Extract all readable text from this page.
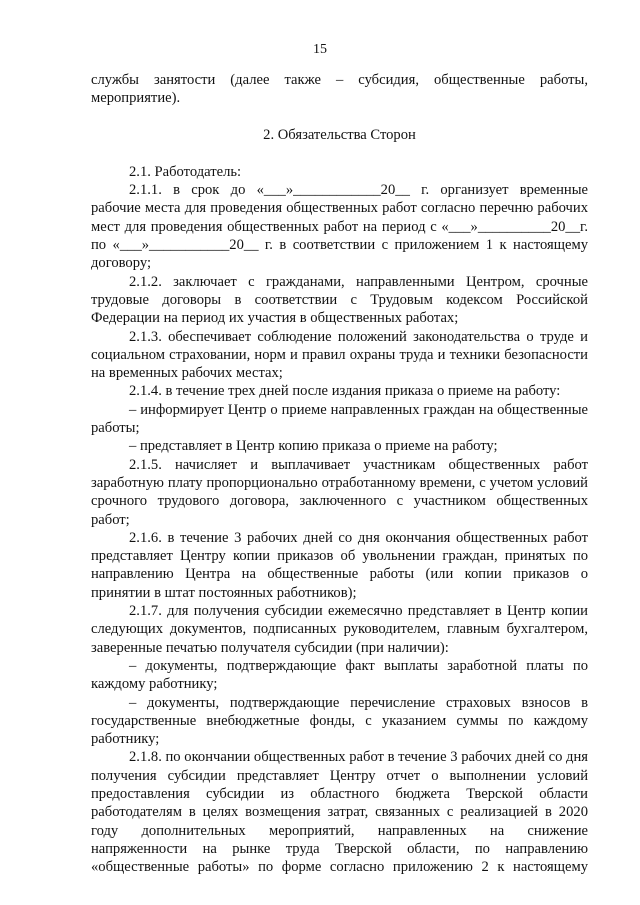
15

службы занятости (далее также – субсидия, общественные работы, мероприятие).

2. Обязательства Сторон

2.1. Работодатель:

2.1.1. в срок до «___»____________20__ г. организует временные рабочие места для проведения общественных работ согласно перечню рабочих мест для проведения общественных работ на период с «___»__________20__г. по «___»___________20__ г. в соответствии с приложением 1 к настоящему договору;

2.1.2. заключает с гражданами, направленными Центром, срочные трудовые договоры в соответствии с Трудовым кодексом Российской Федерации на период их участия в общественных работах;

2.1.3. обеспечивает соблюдение положений законодательства о труде и социальном страховании, норм и правил охраны труда и техники безопасности на временных рабочих местах;

2.1.4. в течение трех дней после издания приказа о приеме на работу:

– информирует Центр о приеме направленных граждан на общественные работы;

– представляет в Центр копию приказа о приеме на работу;

2.1.5. начисляет и выплачивает участникам общественных работ заработную плату пропорционально отработанному времени, с учетом условий срочного трудового договора, заключенного с участником общественных работ;

2.1.6. в течение 3 рабочих дней со дня окончания общественных работ представляет Центру копии приказов об увольнении граждан, принятых по направлению Центра на общественные работы (или копии приказов о принятии в штат постоянных работников);

2.1.7. для получения субсидии ежемесячно представляет в Центр копии следующих документов, подписанных руководителем, главным бухгалтером, заверенные печатью получателя субсидии (при наличии):

– документы, подтверждающие факт выплаты заработной платы по каждому работнику;

– документы, подтверждающие перечисление страховых взносов в государственные внебюджетные фонды, с указанием суммы по каждому работнику;

2.1.8. по окончании общественных работ в течение 3 рабочих дней со дня получения субсидии представляет Центру отчет о выполнении условий предоставления субсидии из областного бюджета Тверской области работодателям в целях возмещения затрат, связанных с реализацией в 2020 году дополнительных мероприятий, направленных на снижение напряженности на рынке труда Тверской области, по направлению «общественные работы» по форме согласно приложению 2 к настоящему
